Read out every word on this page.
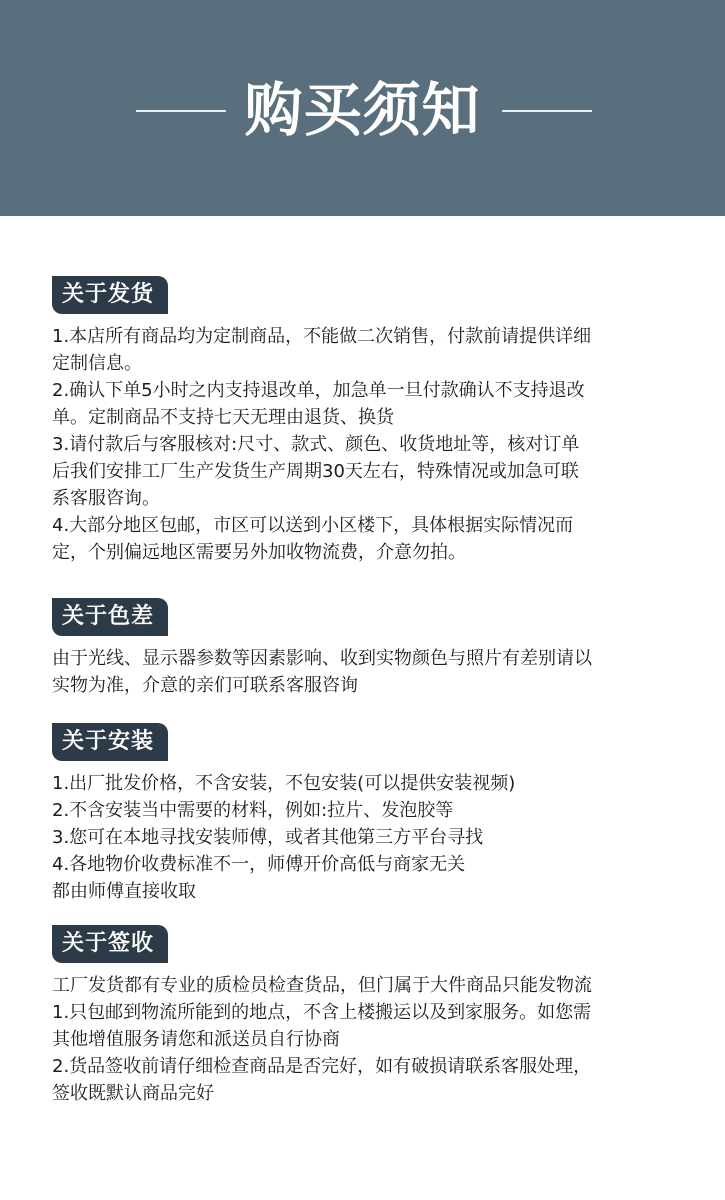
购买须知
关于发货
1.本店所有商品均为定制商品，不能做二次销售，付款前请提供详细
定制信息。
2.确认下单5小时之内支持退改单，加急单一旦付款确认不支持退改
单。定制商品不支持七天无理由退货、换货
3.请付款后与客服核对:尺寸、款式、颜色、收货地址等，核对订单
后我们安排工厂生产发货生产周期30天左右，特殊情况或加急可联
系客服咨询。
4.大部分地区包邮，市区可以送到小区楼下，具体根据实际情况而
定，个别偏远地区需要另外加收物流费，介意勿拍。
关于色差
由于光线、显示器参数等因素影响、收到实物颜色与照片有差别请以
实物为准，介意的亲们可联系客服咨询
关于安装
1.出厂批发价格，不含安装，不包安装(可以提供安装视频)
2.不含安装当中需要的材料，例如:拉片、发泡胶等
3.您可在本地寻找安装师傅，或者其他第三方平台寻找
4.各地物价收费标准不一，师傅开价高低与商家无关
都由师傅直接收取
关于签收
工厂发货都有专业的质检员检查货品，但门属于大件商品只能发物流
1.只包邮到物流所能到的地点，不含上楼搬运以及到家服务。如您需
其他增值服务请您和派送员自行协商
2.货品签收前请仔细检查商品是否完好，如有破损请联系客服处理，
签收既默认商品完好
